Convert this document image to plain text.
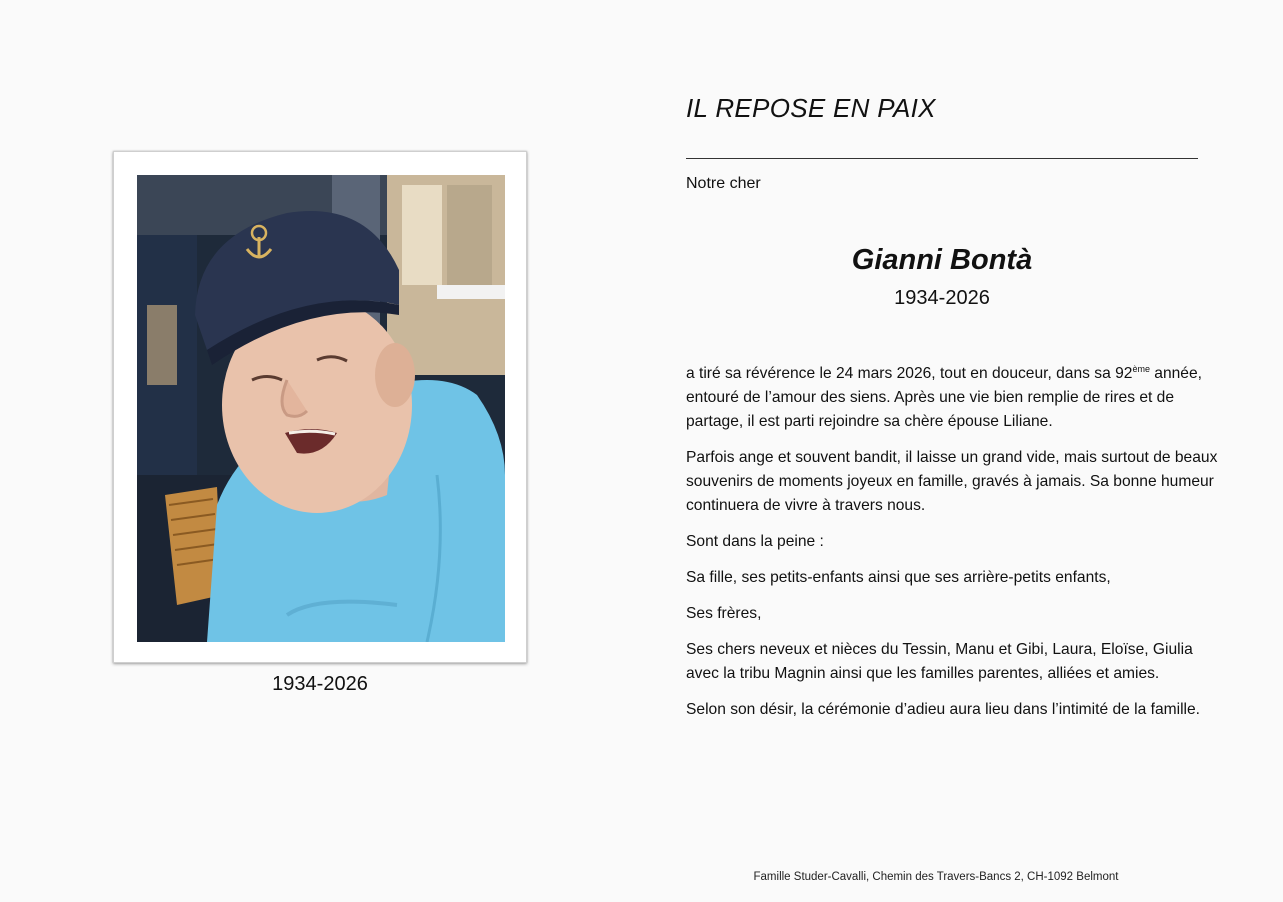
1934-2026
IL REPOSE EN PAIX
Notre cher
Gianni Bontà
1934-2026

a tiré sa révérence le 24 mars 2026, tout en douceur, dans sa 92ème année, entouré de l’amour des siens. Après une vie bien remplie de rires et de partage, il est parti rejoindre sa chère épouse Liliane.

Parfois ange et souvent bandit, il laisse un grand vide, mais surtout de beaux souvenirs de moments joyeux en famille, gravés à jamais. Sa bonne humeur continuera de vivre à travers nous.

Sont dans la peine :

Sa fille, ses petits-enfants ainsi que ses arrière-petits enfants,

Ses frères,

Ses chers neveux et nièces du Tessin, Manu et Gibi, Laura, Eloïse, Giulia avec la tribu Magnin ainsi que les familles parentes, alliées et amies.

Selon son désir, la cérémonie d’adieu aura lieu dans l’intimité de la famille.

Famille Studer-Cavalli, Chemin des Travers-Bancs 2, CH-1092 Belmont
